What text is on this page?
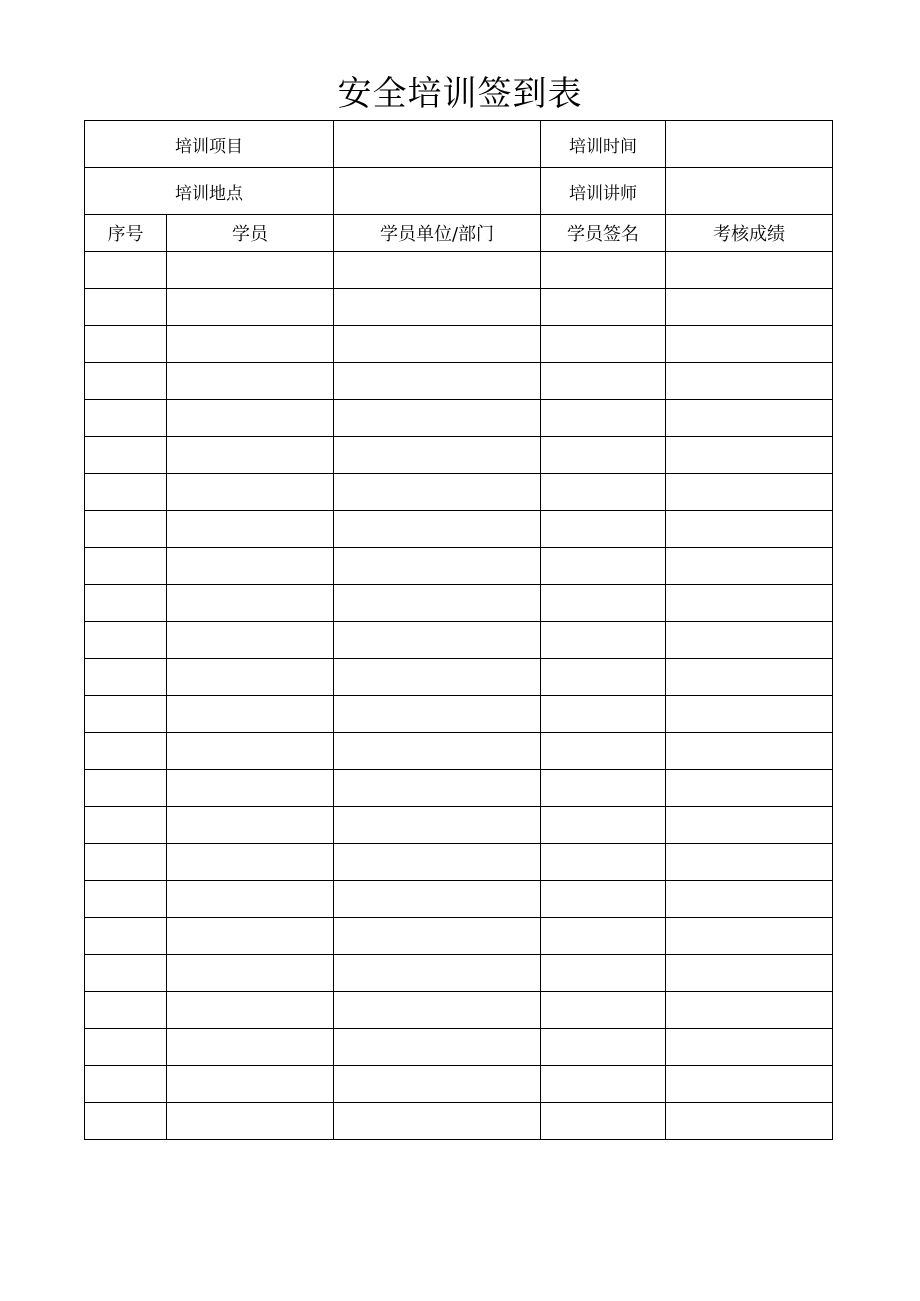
安全培训签到表
培训项目			培训时间	
培训地点			培训讲师	
序号	学员	学员单位/部门	学员签名	考核成绩
